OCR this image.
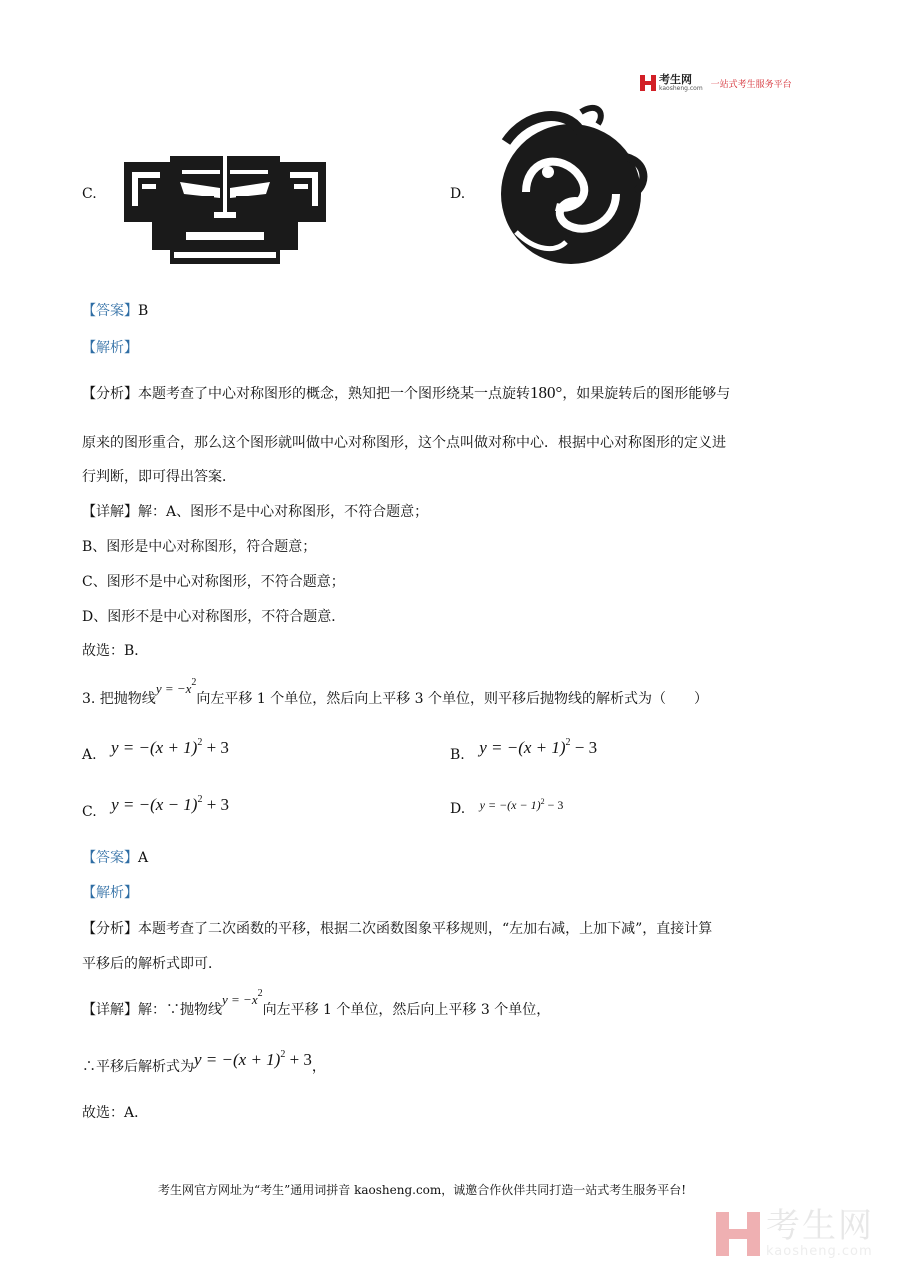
考生网
kaosheng.com 一站式考生服务平台
C.	D.
【答案】B
【解析】
【分析】本题考查了中心对称图形的概念，熟知把一个图形绕某一点旋转180°，如果旋转后的图形能够与
原来的图形重合，那么这个图形就叫做中心对称图形，这个点叫做对称中心．根据中心对称图形的定义进
行判断，即可得出答案．
【详解】解：A、图形不是中心对称图形，不符合题意；
B、图形是中心对称图形，符合题意；
C、图形不是中心对称图形，不符合题意；
D、图形不是中心对称图形，不符合题意．
故选：B．
3. 把抛物线$y = -x^2$向左平移 1 个单位，然后向上平移 3 个单位，则平移后抛物线的解析式为（　　）
A. $y = -(x + 1)^2 + 3$	B. $y = -(x + 1)^2 - 3$
C. $y = -(x - 1)^2 + 3$	D. $y = -(x - 1)^2 - 3$
【答案】A
【解析】
【分析】本题考查了二次函数的平移，根据二次函数图象平移规则，“左加右减，上加下减”，直接计算
平移后的解析式即可．
【详解】解：∵抛物线$y = -x^2$向左平移 1 个单位，然后向上平移 3 个单位，
∴平移后解析式为$y = -(x + 1)^2 + 3$，
故选：A．
考生网官方网址为“考生”通用词拼音 kaosheng.com，诚邀合作伙伴共同打造一站式考生服务平台!
考生网
kaosheng.com
